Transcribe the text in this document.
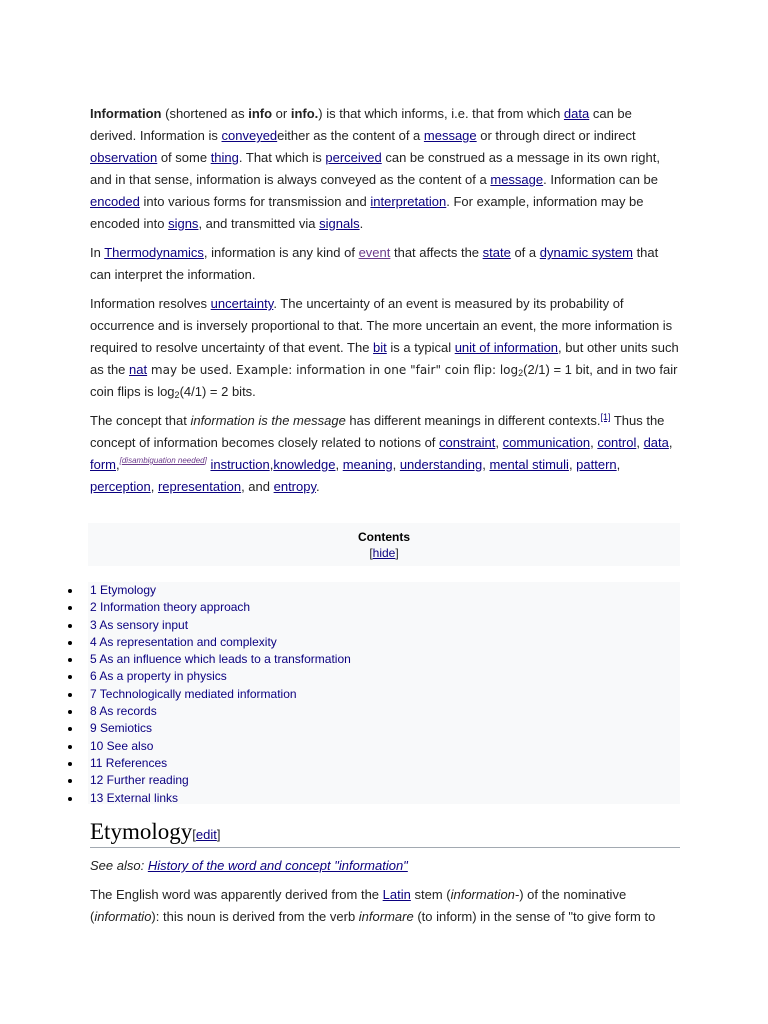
Information (shortened as info or info.) is that which informs, i.e. that from which data can be derived. Information is conveyedeither as the content of a message or through direct or indirect observation of some thing. That which is perceived can be construed as a message in its own right, and in that sense, information is always conveyed as the content of a message. Information can be encoded into various forms for transmission and interpretation. For example, information may be encoded into signs, and transmitted via signals.

In Thermodynamics, information is any kind of event that affects the state of a dynamic system that can interpret the information.

Information resolves uncertainty. The uncertainty of an event is measured by its probability of occurrence and is inversely proportional to that. The more uncertain an event, the more information is required to resolve uncertainty of that event. The bit is a typical unit of information, but other units such as the nat may be used. Example: information in one "fair" coin flip: $\log_2(2/1) = 1$ bit, and in two fair coin flips is $\log_2(4/1) = 2$ bits.

The concept that information is the message has different meanings in different contexts.[1] Thus the concept of information becomes closely related to notions of constraint, communication, control, data, form,[disambiguation needed] instruction,knowledge, meaning, understanding, mental stimuli, pattern, perception, representation, and entropy.

Contents
[hide]
1 Etymology
2 Information theory approach
3 As sensory input
4 As representation and complexity
5 As an influence which leads to a transformation
6 As a property in physics
7 Technologically mediated information
8 As records
9 Semiotics
10 See also
11 References
12 Further reading
13 External links
Etymology[edit]

See also: History of the word and concept "information"

The English word was apparently derived from the Latin stem (information-) of the nominative (informatio): this noun is derived from the verb informare (to inform) in the sense of "to give form to
